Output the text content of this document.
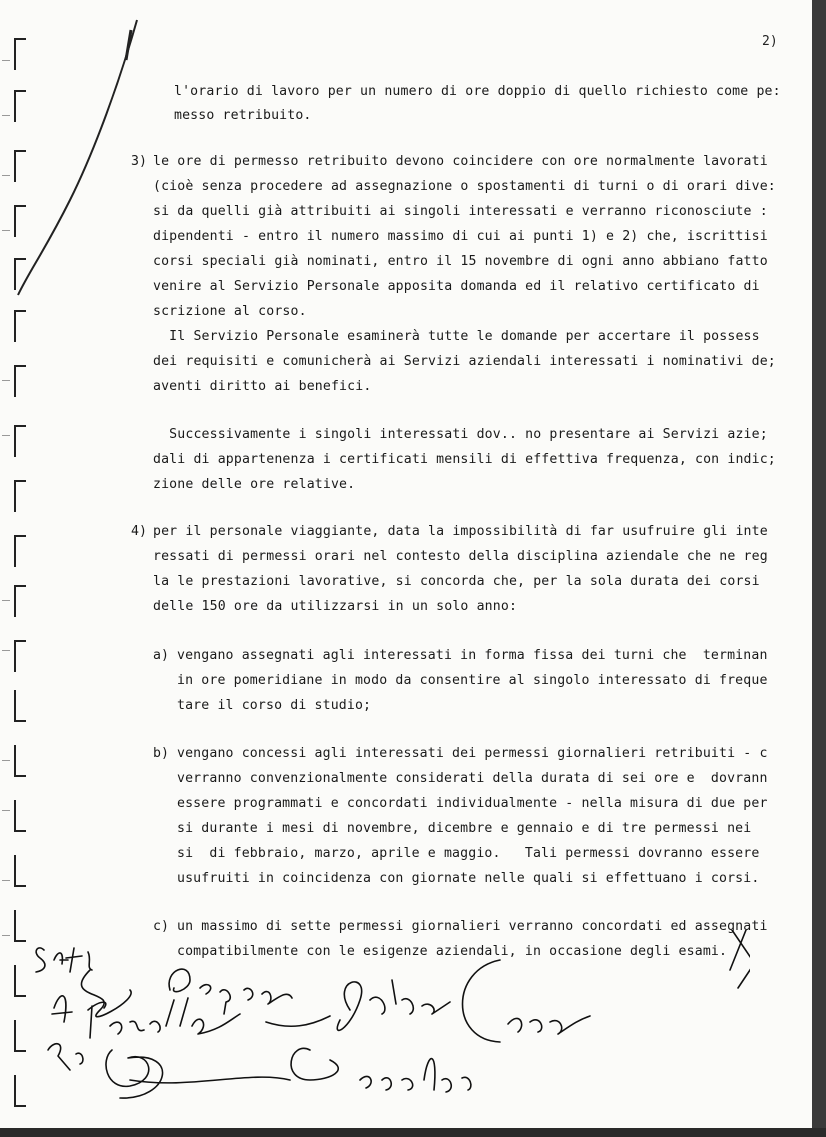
2)
l'orario di lavoro per un numero di ore doppio di quello richiesto come pe:
messo retribuito.
3) le ore di permesso retribuito devono coincidere con ore normalmente lavorati
(cioè senza procedere ad assegnazione o spostamenti di turni o di orari dive:
si da quelli già attribuiti ai singoli interessati e verranno riconosciute :
dipendenti - entro il numero massimo di cui ai punti 1) e 2) che, iscrittisi
corsi speciali già nominati, entro il 15 novembre di ogni anno abbiano fatto
venire al Servizio Personale apposita domanda ed il relativo certificato di
scrizione al corso.
Il Servizio Personale esaminerà tutte le domande per accertare il possess
dei requisiti e comunicherà ai Servizi aziendali interessati i nominativi de;
aventi diritto ai benefici.
Successivamente i singoli interessati dov.. no presentare ai Servizi azie;
dali di appartenenza i certificati mensili di effettiva frequenza, con indic;
zione delle ore relative.
4) per il personale viaggiante, data la impossibilità di far usufruire gli inte
ressati di permessi orari nel contesto della disciplina aziendale che ne reg
la le prestazioni lavorative, si concorda che, per la sola durata dei corsi
delle 150 ore da utilizzarsi in un solo anno:
a) vengano assegnati agli interessati in forma fissa dei turni che  terminan
in ore pomeridiane in modo da consentire al singolo interessato di freque
tare il corso di studio;
b) vengano concessi agli interessati dei permessi giornalieri retribuiti - c
verranno convenzionalmente considerati della durata di sei ore e  dovrann
essere programmati e concordati individualmente - nella misura di due per
si durante i mesi di novembre, dicembre e gennaio e di tre permessi nei
si  di febbraio, marzo, aprile e maggio.   Tali permessi dovranno essere
usufruiti in coincidenza con giornate nelle quali si effettuano i corsi.
c) un massimo di sette permessi giornalieri verranno concordati ed assegnati
compatibilmente con le esigenze aziendali, in occasione degli esami.
